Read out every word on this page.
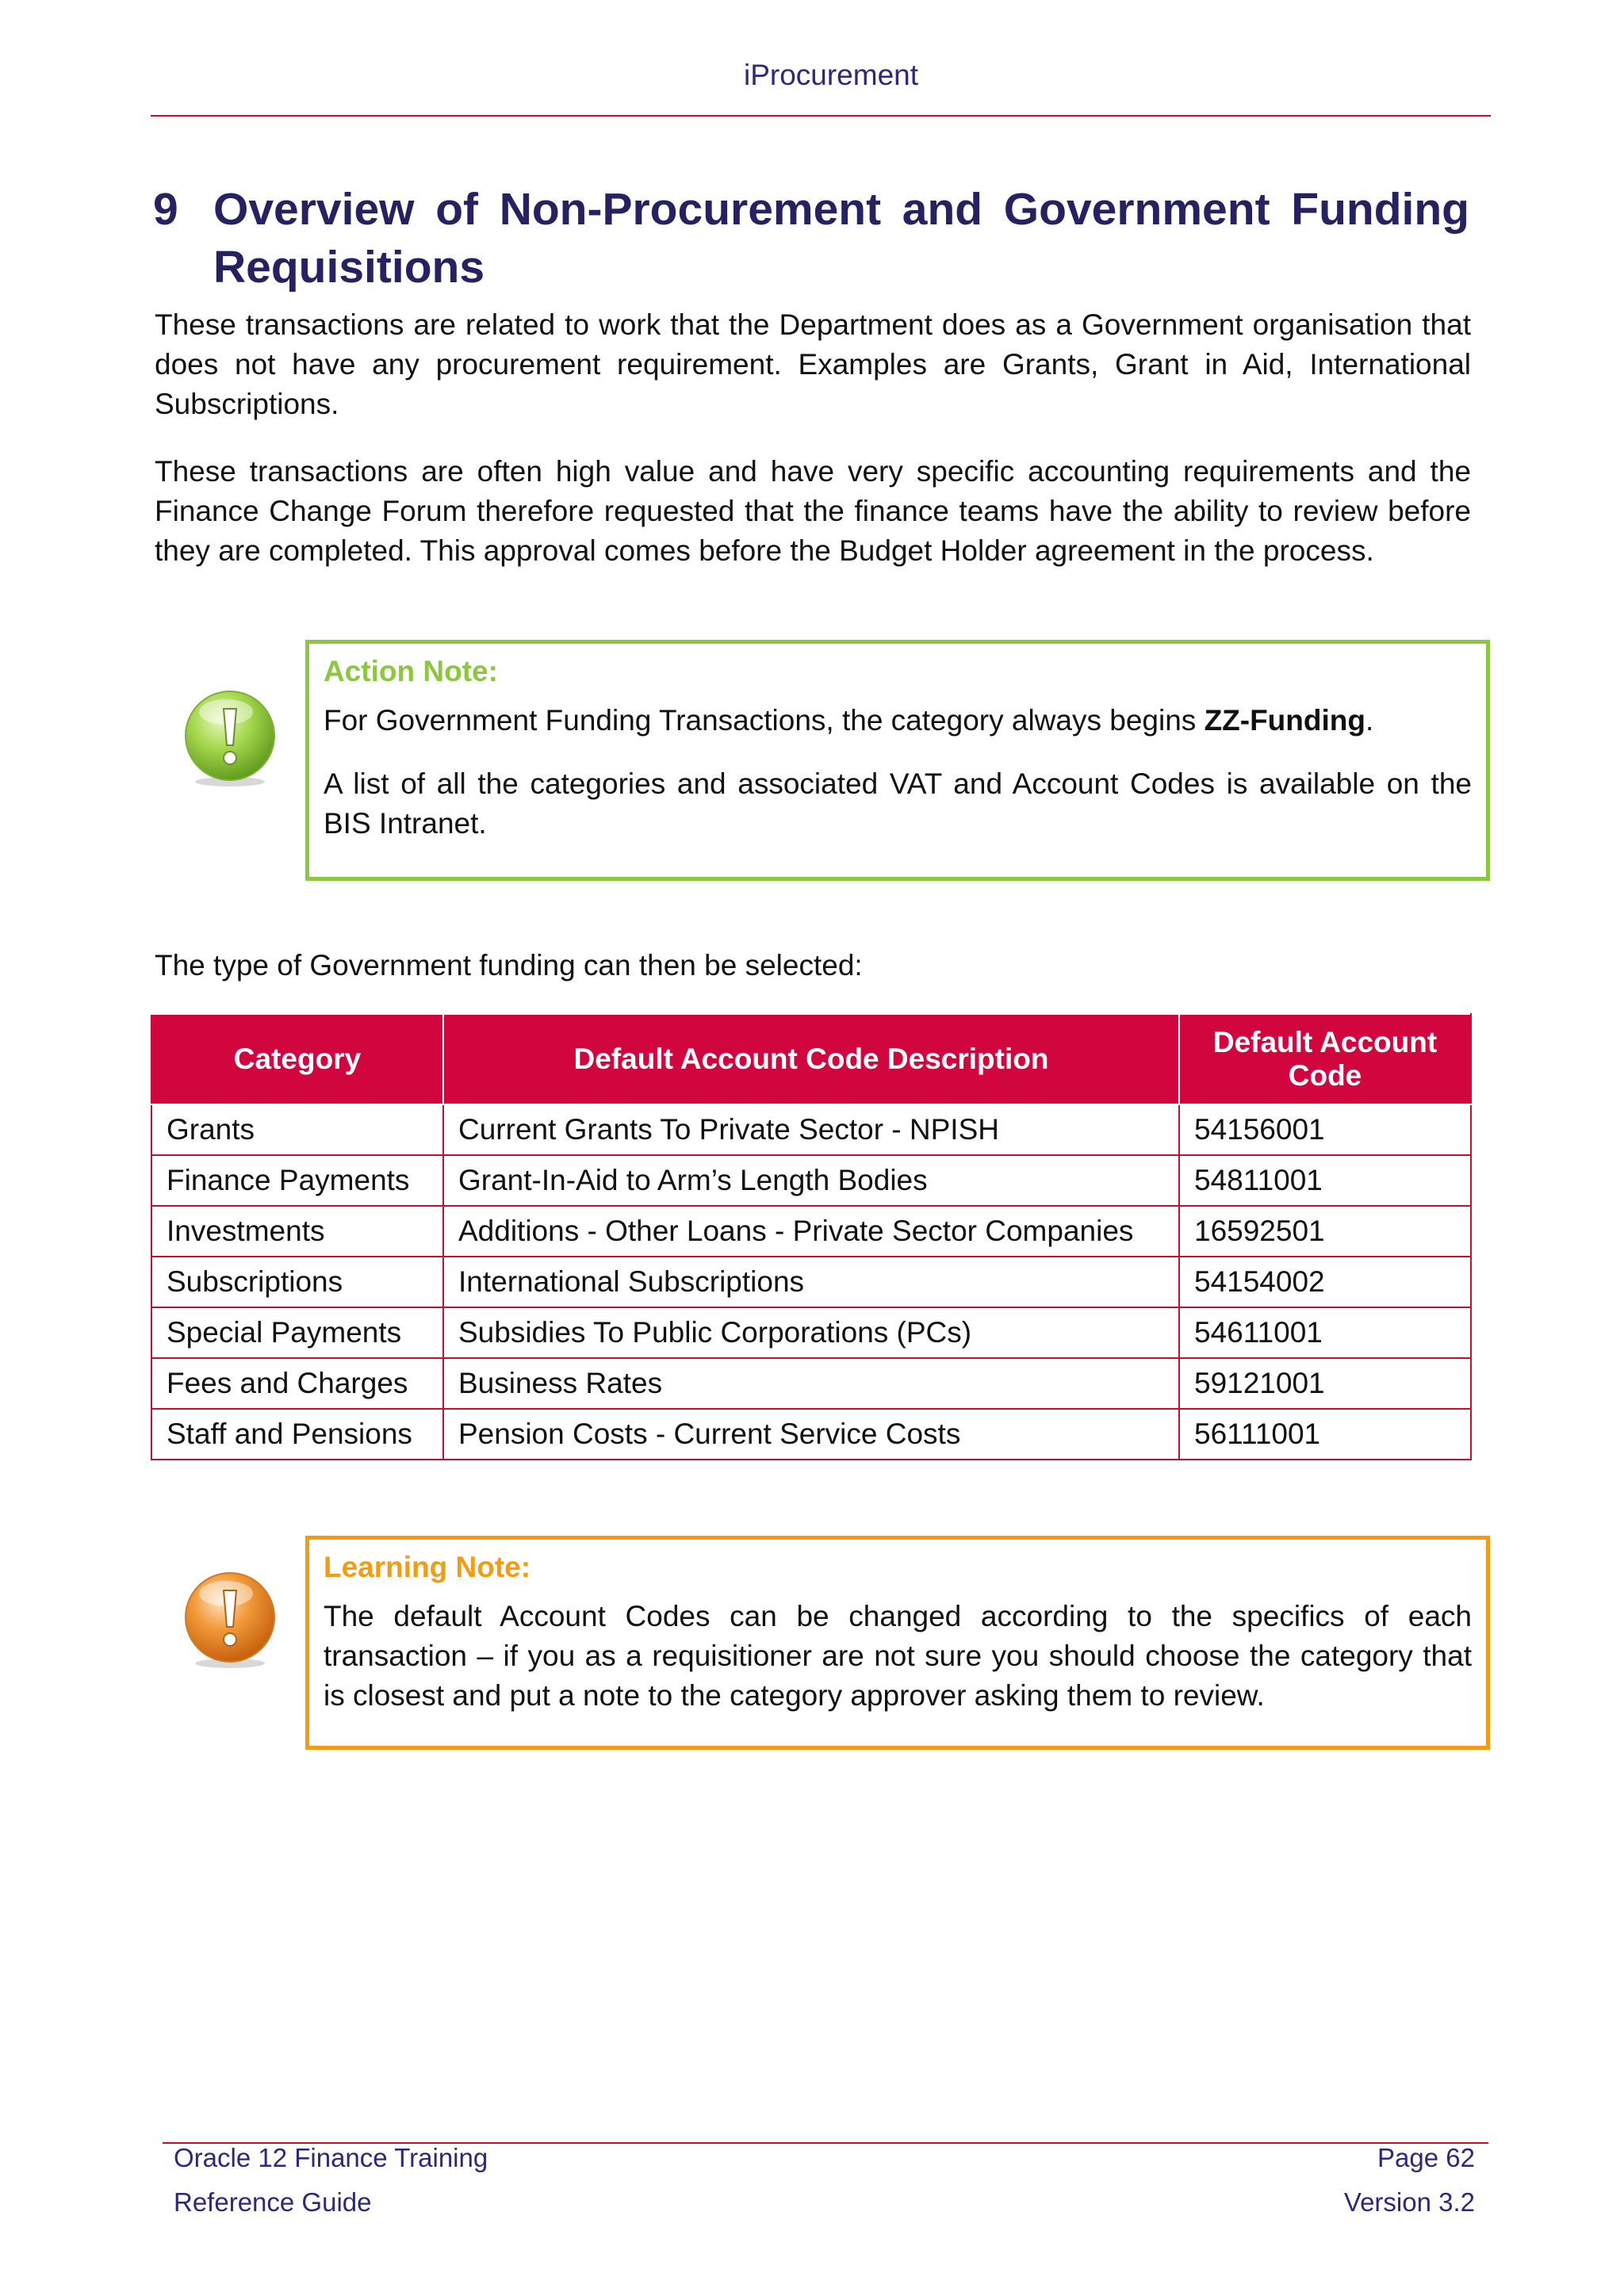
iProcurement
9 Overview of Non-Procurement and Government Funding Requisitions
These transactions are related to work that the Department does as a Government organisation that does not have any procurement requirement. Examples are Grants, Grant in Aid, International Subscriptions.
These transactions are often high value and have very specific accounting requirements and the Finance Change Forum therefore requested that the finance teams have the ability to review before they are completed. This approval comes before the Budget Holder agreement in the process.
Action Note:
For Government Funding Transactions, the category always begins ZZ-Funding.
A list of all the categories and associated VAT and Account Codes is available on the BIS Intranet.
The type of Government funding can then be selected:
Category	Default Account Code Description	Default Account Code
Grants	Current Grants To Private Sector - NPISH	54156001
Finance Payments	Grant-In-Aid to Arm’s Length Bodies	54811001
Investments	Additions - Other Loans - Private Sector Companies	16592501
Subscriptions	International Subscriptions	54154002
Special Payments	Subsidies To Public Corporations (PCs)	54611001
Fees and Charges	Business Rates	59121001
Staff and Pensions	Pension Costs - Current Service Costs	56111001
Learning Note:
The default Account Codes can be changed according to the specifics of each transaction – if you as a requisitioner are not sure you should choose the category that is closest and put a note to the category approver asking them to review.
Oracle 12 Finance Training
Reference Guide
Page 62
Version 3.2
